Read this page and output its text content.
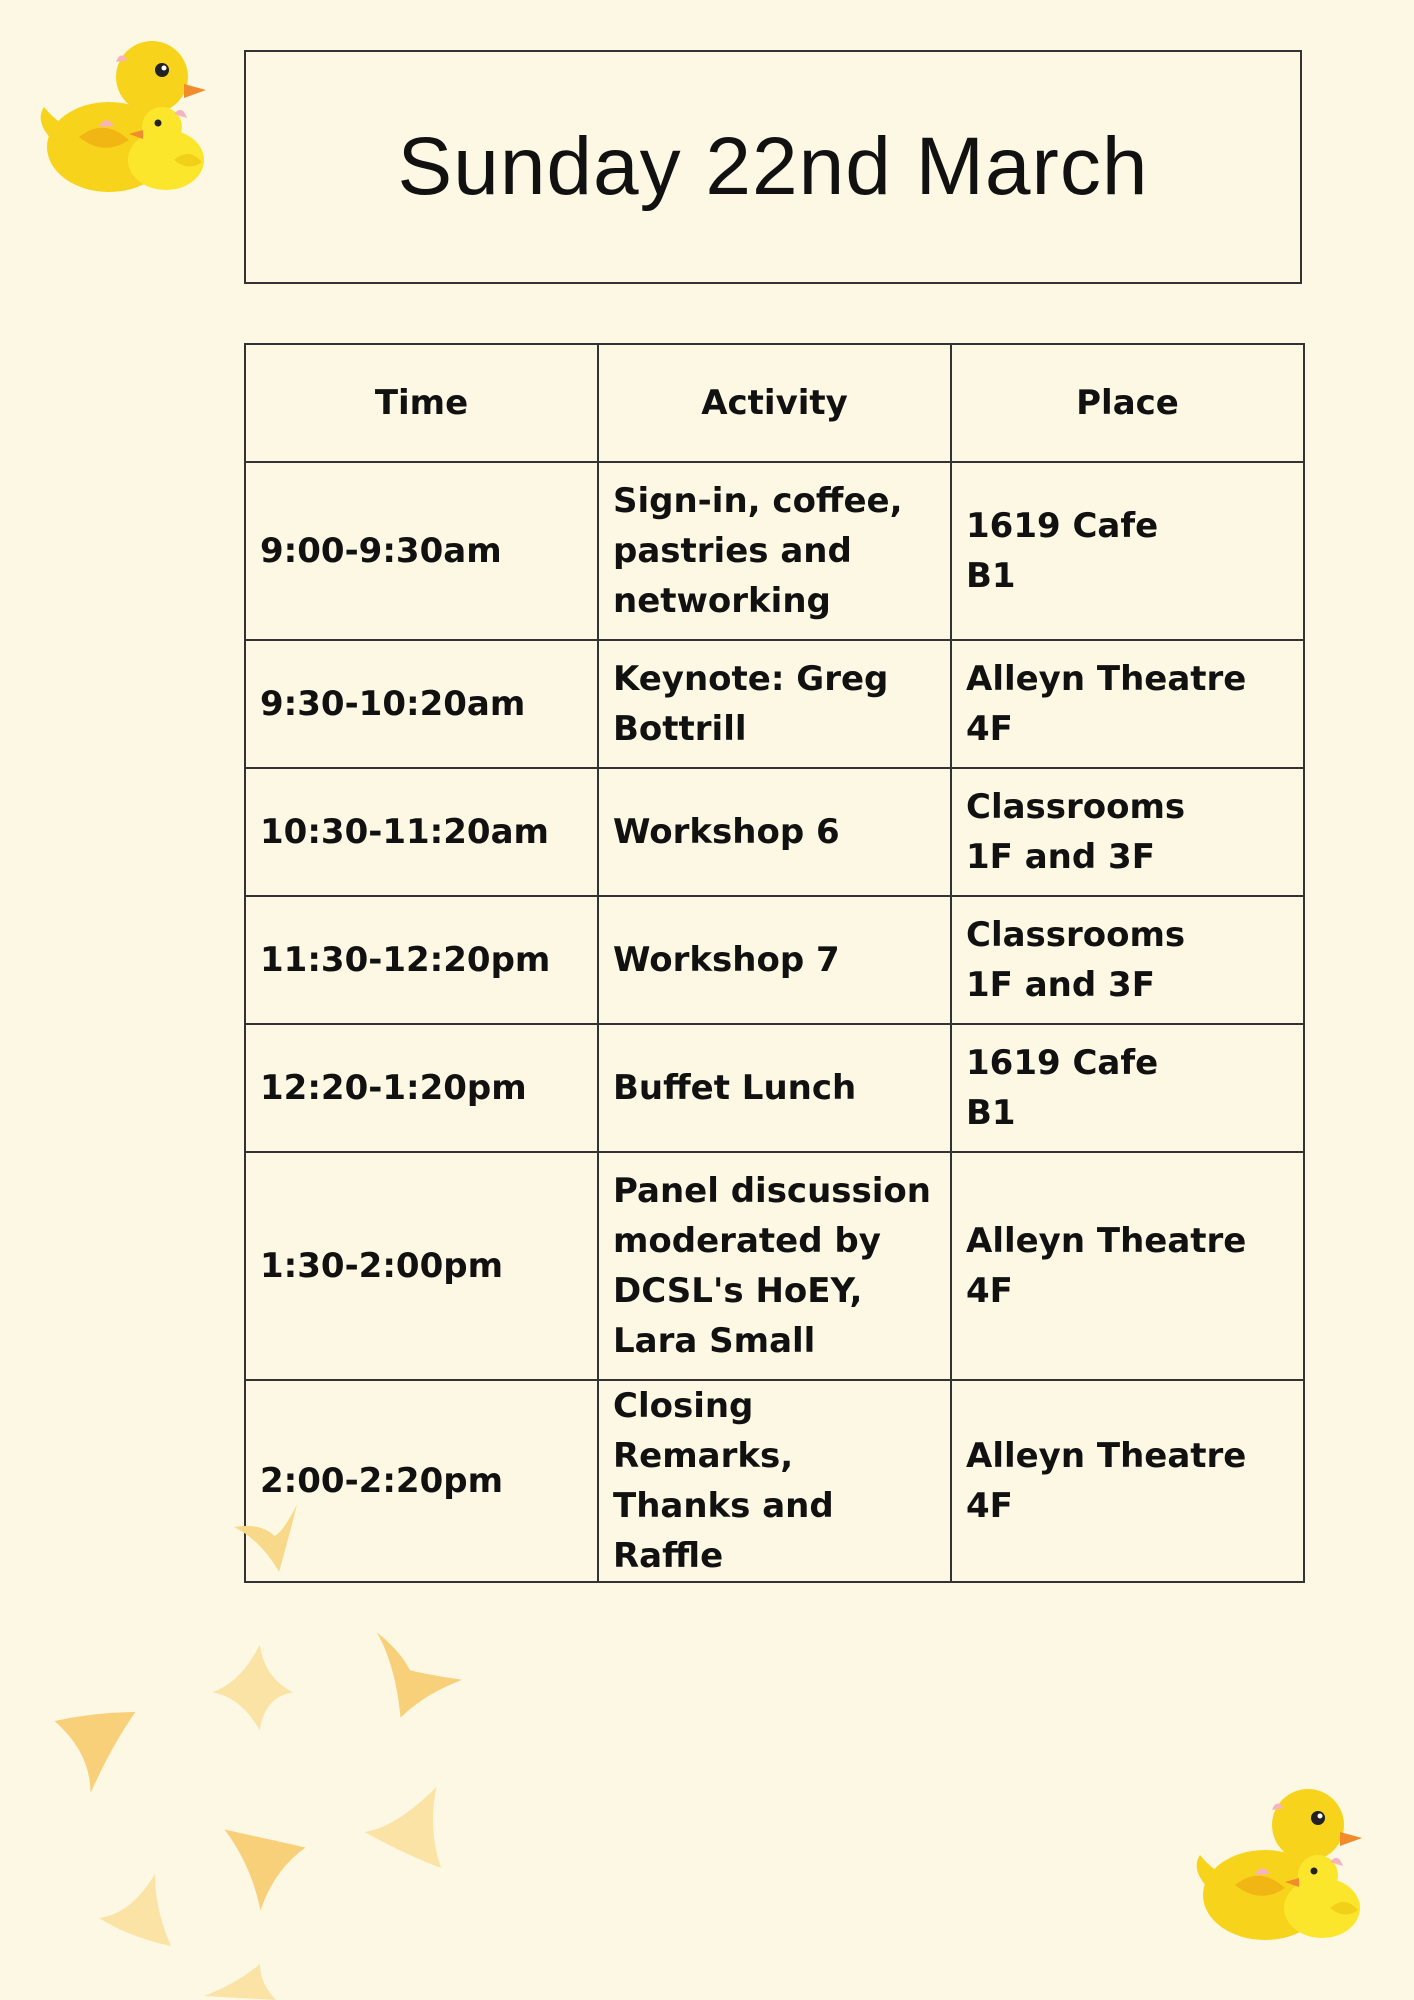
Sunday 22nd March
Time	Activity	Place
9:00-9:30am	Sign-in, coffee, pastries and networking	1619 Cafe
B1

9:30-10:20am	Keynote: Greg Bottrill	Alleyn Theatre
4F

10:30-11:20am	Workshop 6	Classrooms
1F and 3F

11:30-12:20pm	Workshop 7	Classrooms
1F and 3F

12:20-1:20pm	Buffet Lunch	1619 Cafe
B1

1:30-2:00pm	Panel discussion moderated by DCSL's HoEY, Lara Small	Alleyn Theatre
4F

2:00-2:20pm	Closing Remarks, Thanks and Raffle	Alleyn Theatre
4F
